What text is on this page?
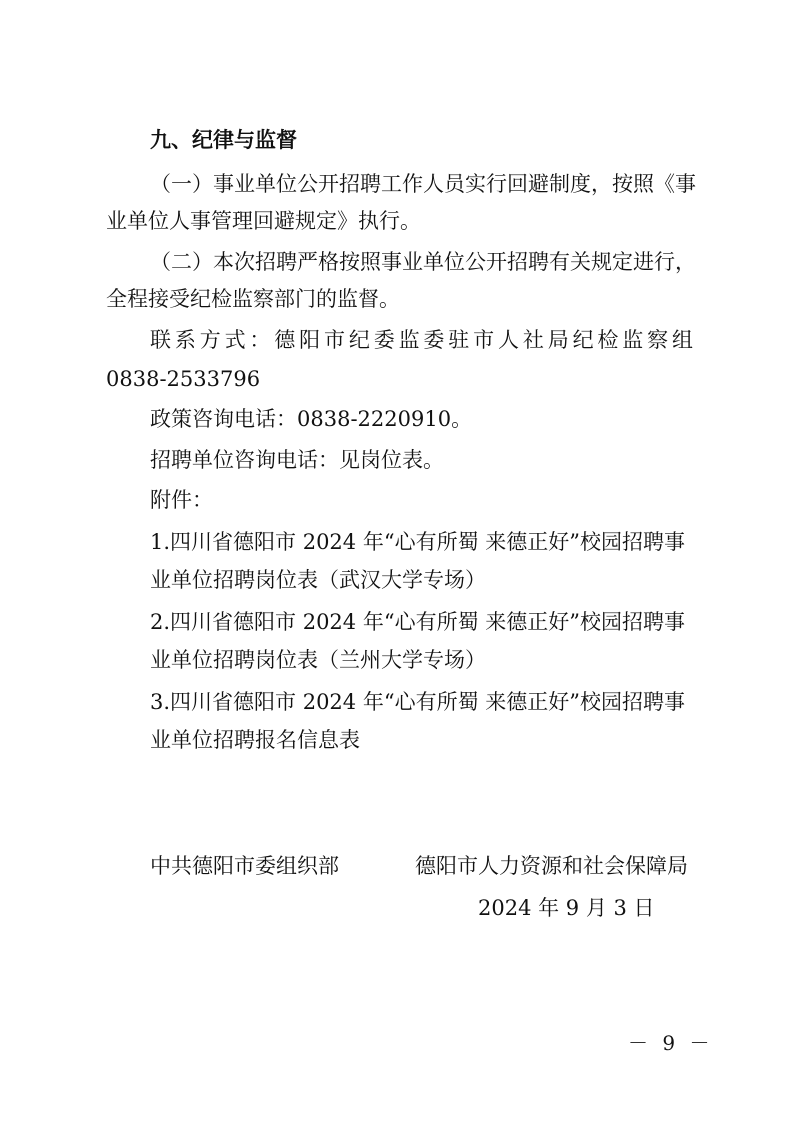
九、纪律与监督
（一）事业单位公开招聘工作人员实行回避制度，按照《事
业单位人事管理回避规定》执行。
（二）本次招聘严格按照事业单位公开招聘有关规定进行，
全程接受纪检监察部门的监督。
联系方式：德阳市纪委监委驻市人社局纪检监察组
0838-2533796
政策咨询电话：0838-2220910。
招聘单位咨询电话：见岗位表。
附件：
1.四川省德阳市 2024 年“心有所蜀 来德正好”校园招聘事
业单位招聘岗位表（武汉大学专场）
2.四川省德阳市 2024 年“心有所蜀 来德正好”校园招聘事
业单位招聘岗位表（兰州大学专场）
3.四川省德阳市 2024 年“心有所蜀 来德正好”校园招聘事
业单位招聘报名信息表
中共德阳市委组织部	德阳市人力资源和社会保障局
2024 年 9 月 3 日
－ 9 －
